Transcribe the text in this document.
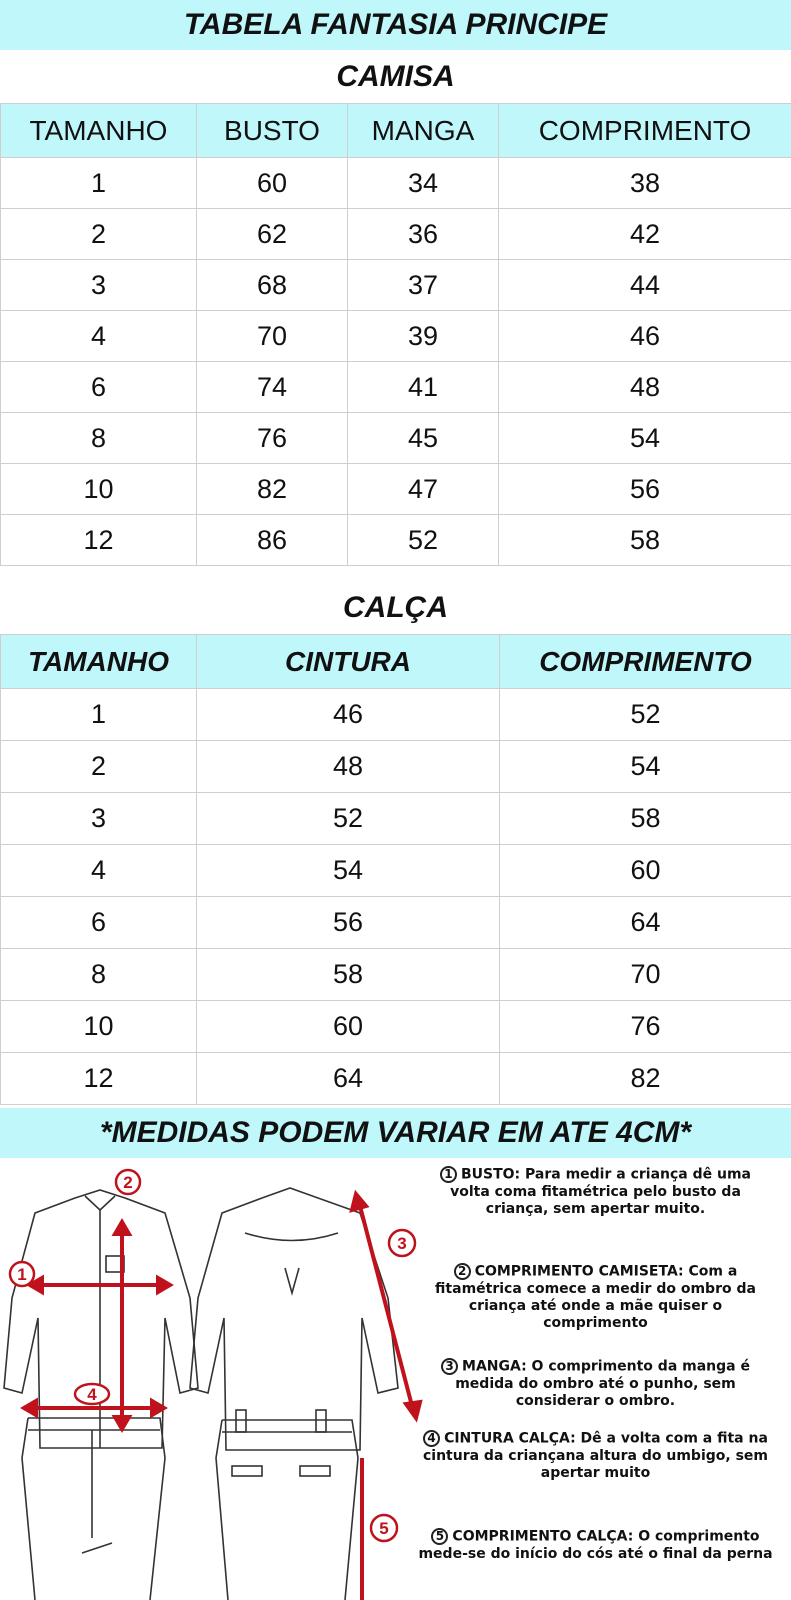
TABELA FANTASIA PRINCIPE
CAMISA
TAMANHO	BUSTO	MANGA	COMPRIMENTO
1	60	34	38
2	62	36	42
3	68	37	44
4	70	39	46
6	74	41	48
8	76	45	54
10	82	47	56
12	86	52	58
CALÇA
TAMANHO	CINTURA	COMPRIMENTO
1	46	52
2	48	54
3	52	58
4	54	60
6	56	64
8	58	70
10	60	76
12	64	82
*MEDIDAS PODEM VARIAR EM ATE 4CM*
1
2
3
4
5
1 BUSTO: Para medir a criança dê uma volta coma fitamétrica pelo busto da criança, sem apertar muito.
2 COMPRIMENTO CAMISETA: Com a fitamétrica comece a medir do ombro da criança até onde a mãe quiser o comprimento
3 MANGA: O comprimento da manga é medida do ombro até o punho, sem considerar o ombro.
4 CINTURA CALÇA: Dê a volta com a fita na cintura da criançana altura do umbigo, sem apertar muito
5 COMPRIMENTO CALÇA: O comprimento mede-se do início do cós até o final da perna
